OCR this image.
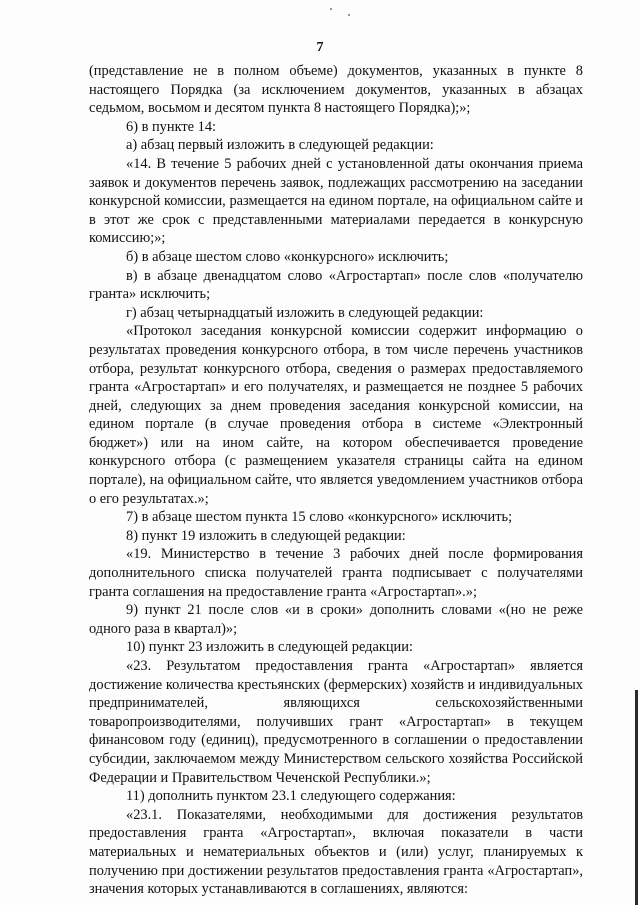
7

(представление не в полном объеме) документов, указанных в пункте 8 настоящего Порядка (за исключением документов, указанных в абзацах седьмом, восьмом и десятом пункта 8 настоящего Порядка);»;

6) в пункте 14:

а) абзац первый изложить в следующей редакции:

«14. В течение 5 рабочих дней с установленной даты окончания приема заявок и документов перечень заявок, подлежащих рассмотрению на заседании конкурсной комиссии, размещается на едином портале, на официальном сайте и в этот же срок с представленными материалами передается в конкурсную комиссию;»;

б) в абзаце шестом слово «конкурсного» исключить;

в) в абзаце двенадцатом слово «Агростартап» после слов «получателю гранта» исключить;

г) абзац четырнадцатый изложить в следующей редакции:

«Протокол заседания конкурсной комиссии содержит информацию о результатах проведения конкурсного отбора, в том числе перечень участников отбора, результат конкурсного отбора, сведения о размерах предоставляемого гранта «Агростартап» и его получателях, и размещается не позднее 5 рабочих дней, следующих за днем проведения заседания конкурсной комиссии, на едином портале (в случае проведения отбора в системе «Электронный бюджет») или на ином сайте, на котором обеспечивается проведение конкурсного отбора (с размещением указателя страницы сайта на едином портале), на официальном сайте, что является уведомлением участников отбора о его результатах.»;

7) в абзаце шестом пункта 15 слово «конкурсного» исключить;

8) пункт 19 изложить в следующей редакции:

«19. Министерство в течение 3 рабочих дней после формирования дополнительного списка получателей гранта подписывает с получателями гранта соглашения на предоставление гранта «Агростартап».»;

9) пункт 21 после слов «и в сроки» дополнить словами «(но не реже одного раза в квартал)»;

10) пункт 23 изложить в следующей редакции:

«23. Результатом предоставления гранта «Агростартап» является достижение количества крестьянских (фермерских) хозяйств и индивидуальных предпринимателей, являющихся сельскохозяйственными товаропроизводителями, получивших грант «Агростартап» в текущем финансовом году (единиц), предусмотренного в соглашении о предоставлении субсидии, заключаемом между Министерством сельского хозяйства Российской Федерации и Правительством Чеченской Республики.»;

11) дополнить пунктом 23.1 следующего содержания:

«23.1. Показателями, необходимыми для достижения результатов предоставления гранта «Агростартап», включая показатели в части материальных и нематериальных объектов и (или) услуг, планируемых к получению при достижении результатов предоставления гранта «Агростартап», значения которых устанавливаются в соглашениях, являются:
